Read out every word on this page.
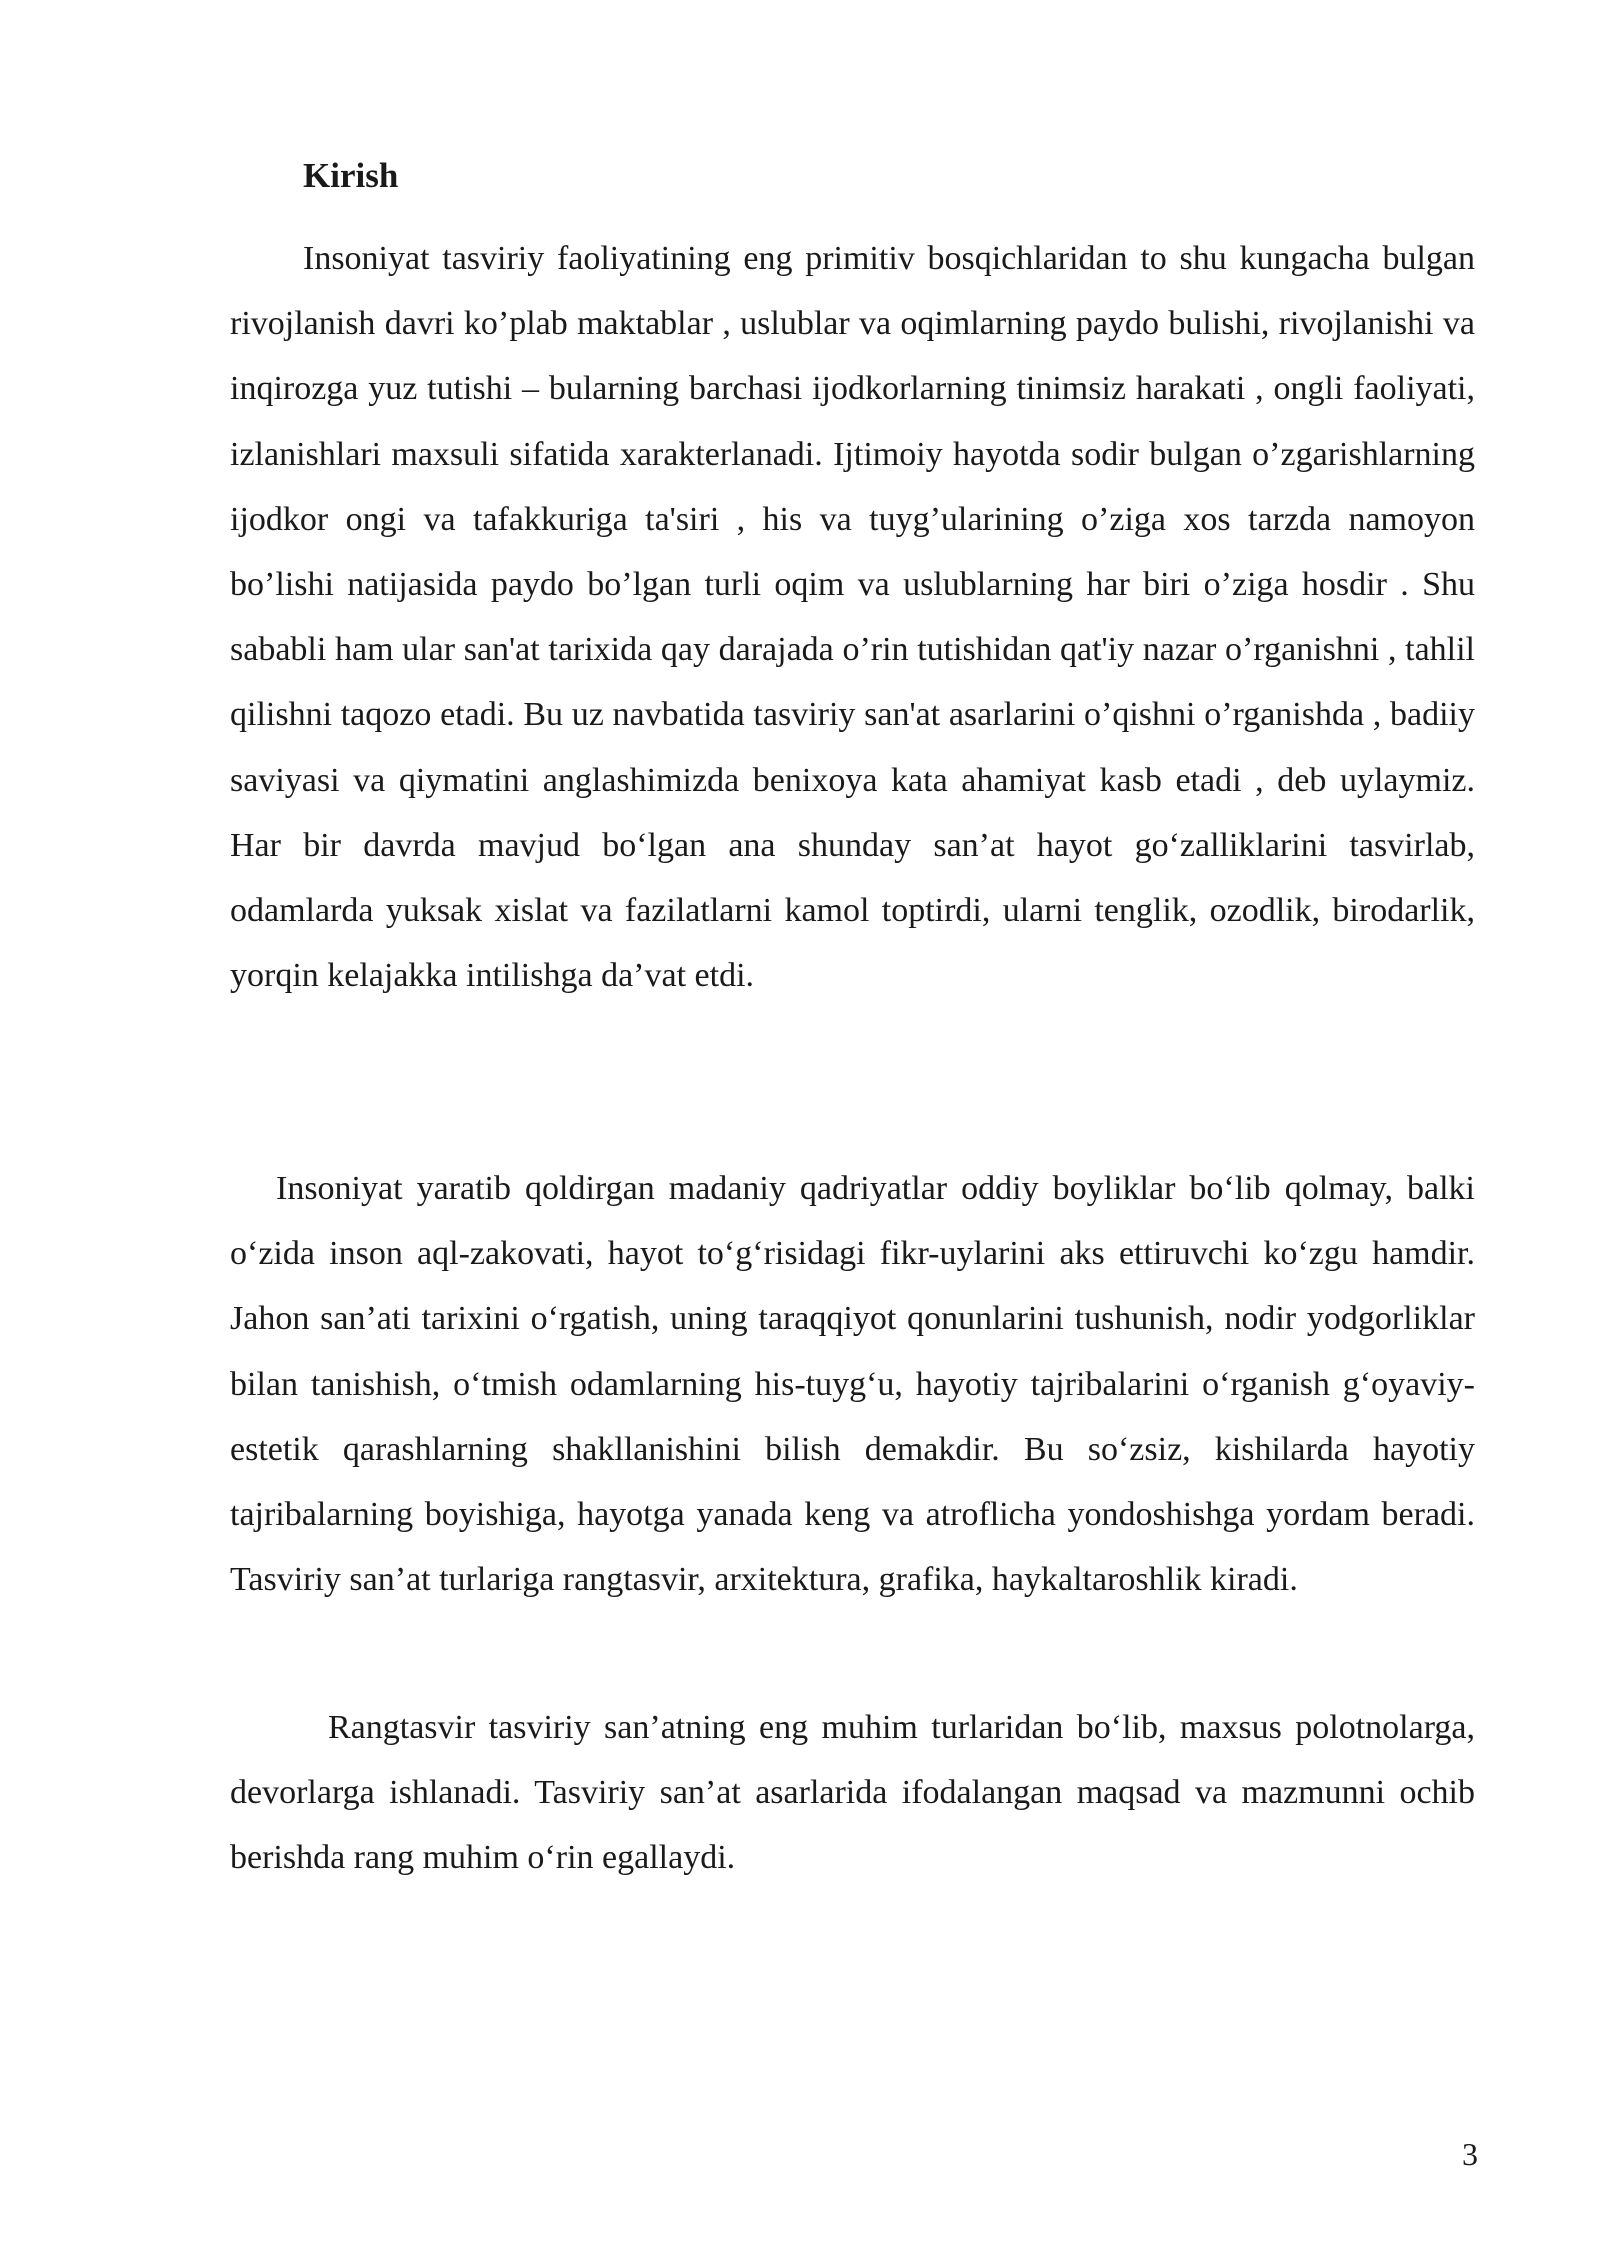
Kirish

Insoniyat tasviriy faoliyatining eng primitiv bosqichlaridan to shu kungacha bulgan rivojlanish davri ko’plab maktablar , uslublar va oqimlarning paydo bulishi, rivojlanishi va inqirozga yuz tutishi – bularning barchasi ijodkorlarning tinimsiz harakati , ongli faoliyati, izlanishlari maxsuli sifatida xarakterlanadi. Ijtimoiy hayotda sodir bulgan o’zgarishlarning ijodkor ongi va tafakkuriga ta'siri , his va tuyg’ularining o’ziga xos tarzda namoyon bo’lishi natijasida paydo bo’lgan turli oqim va uslublarning har biri o’ziga hosdir . Shu sababli ham ular san'at tarixida qay darajada o’rin tutishidan qat'iy nazar o’rganishni , tahlil qilishni taqozo etadi. Bu uz navbatida tasviriy san'at asarlarini o’qishni o’rganishda , badiiy saviyasi va qiymatini anglashimizda benixoya kata ahamiyat kasb etadi , deb uylaymiz. Har bir davrda mavjud bo‘lgan ana shunday san’at hayot go‘zalliklarini tasvirlab, odamlarda yuksak xislat va fazilatlarni kamol toptirdi, ularni tenglik, ozodlik, birodarlik, yorqin kelajakka intilishga da’vat etdi.

Insoniyat yaratib qoldirgan madaniy qadriyatlar oddiy boyliklar bo‘lib qolmay, balki o‘zida inson aql-zakovati, hayot to‘g‘risidagi fikr-uylarini aks ettiruvchi ko‘zgu hamdir. Jahon san’ati tarixini o‘rgatish, uning taraqqiyot qonunlarini tushunish, nodir yodgorliklar bilan tanishish, o‘tmish odamlarning his-tuyg‘u, hayotiy tajribalarini o‘rganish g‘oyaviy-estetik qarashlarning shakllanishini bilish demakdir. Bu so‘zsiz, kishilarda hayotiy tajribalarning boyishiga, hayotga yanada keng va atroflicha yondoshishga yordam beradi. Tasviriy san’at turlariga rangtasvir, arxitektura, grafika, haykaltaroshlik kiradi.

Rangtasvir tasviriy san’atning eng muhim turlaridan bo‘lib, maxsus polotnolarga, devorlarga ishlanadi. Tasviriy san’at asarlarida ifodalangan maqsad va mazmunni ochib berishda rang muhim o‘rin egallaydi.

3
